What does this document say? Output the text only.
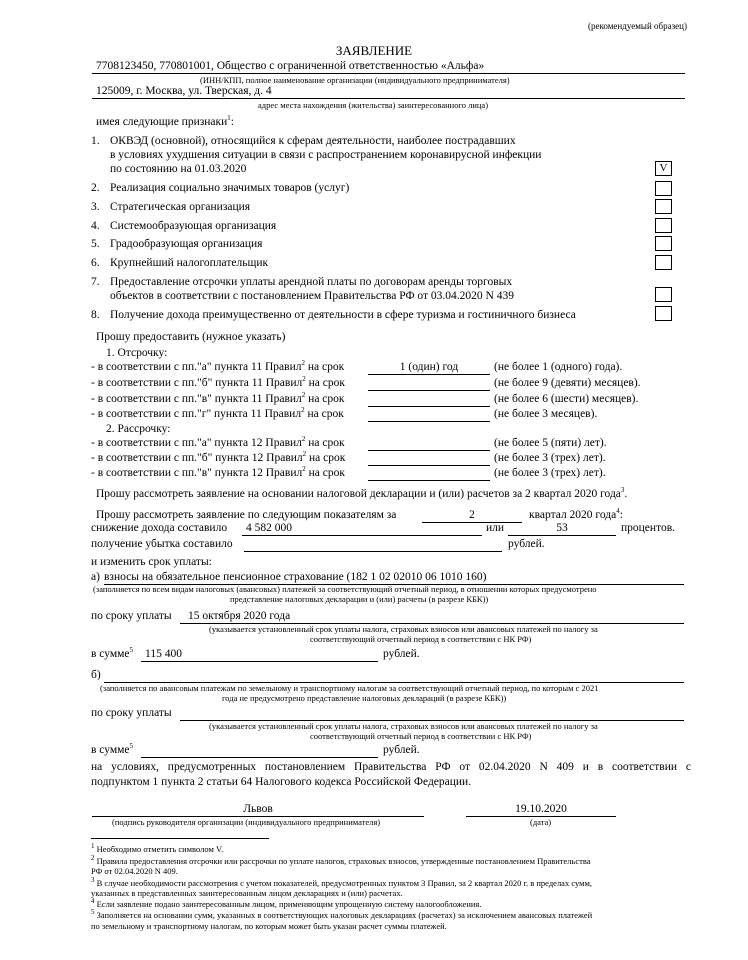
(рекомендуемый образец)
ЗАЯВЛЕНИЕ
7708123450, 770801001, Общество с ограниченной ответственностью «Альфа»
(ИНН/КПП, полное наименование организации (индивидуального предпринимателя)
125009, г. Москва, ул. Тверская, д. 4
адрес места нахождения (жительства) заинтересованного лица)
имея следующие признаки$^1$:
1. ОКВЭД (основной), относящийся к сферам деятельности, наиболее пострадавших
в условиях ухудшения ситуации в связи с распространением коронавирусной инфекции
по состоянию на 01.03.2020	V
2. Реализация социально значимых товаров (услуг)
3. Стратегическая организация
4. Системообразующая организация
5. Градообразующая организация
6. Крупнейший налогоплательщик
7. Предоставление отсрочки уплаты арендной платы по договорам аренды торговых
объектов в соответствии с постановлением Правительства РФ от 03.04.2020 N 439
8. Получение дохода преимущественно от деятельности в сфере туризма и гостиничного бизнеса
Прошу предоставить (нужное указать)
1. Отсрочку:
- в соответствии с пп."а" пункта 11 Правил$^2$ на срок	1 (один) год	(не более 1 (одного) года).
- в соответствии с пп."б" пункта 11 Правил$^2$ на срок	(не более 9 (девяти) месяцев).
- в соответствии с пп."в" пункта 11 Правил$^2$ на срок	(не более 6 (шести) месяцев).
- в соответствии с пп."г" пункта 11 Правил$^2$ на срок	(не более 3 месяцев).
2. Рассрочку:
- в соответствии с пп."а" пункта 12 Правил$^2$ на срок	(не более 5 (пяти) лет).
- в соответствии с пп."б" пункта 12 Правил$^2$ на срок	(не более 3 (трех) лет).
- в соответствии с пп."в" пункта 12 Правил$^2$ на срок	(не более 3 (трех) лет).
Прошу рассмотреть заявление на основании налоговой декларации и (или) расчетов за 2 квартал 2020 года$^3$.
Прошу рассмотреть заявление по следующим показателям за	2	квартал 2020 года$^4$:
снижение дохода составило	4 582 000	или	53	процентов.
получение убытка составило	рублей.
и изменить срок уплаты:
а) взносы на обязательное пенсионное страхование (182 1 02 02010 06 1010 160)
(заполняется по всем видам налоговых (авансовых) платежей за соответствующий отчетный период, в отношении которых предусмотрено
представление налоговых декларации и (или) расчеты (в разрезе КБК))
по сроку уплаты	15 октября 2020 года
(указывается установленный срок уплаты налога, страховых взносов или авансовых платежей по налогу за
соответствующий отчетный период в соответствии с НК РФ)
в сумме$^5$	115 400	рублей.
б)
(заполняется по авансовым платежам по земельному и транспортному налогам за соответствующий отчетный период, по которым с 2021
года не предусмотрено представление налоговых деклараций (в разрезе КБК))
по сроку уплаты
(указывается установленный срок уплаты налога, страховых взносов или авансовых платежей по налогу за
соответствующий отчетный период в соответствии с НК РФ)
в сумме$^5$	рублей.
на условиях, предусмотренных постановлением Правительства РФ от 02.04.2020 N 409 и в соответствии с
подпунктом 1 пункта 2 статьи 64 Налогового кодекса Российской Федерации.
Львов
(подпись руководителя организации (индивидуального предпринимателя)
19.10.2020
(дата)
$^1$ Необходимо отметить символом V.
$^2$ Правила предоставления отсрочки или рассрочки по уплате налогов, страховых взносов, утвержденные постановлением Правительства
РФ от 02.04.2020 N 409.
$^3$ В случае необходимости рассмотрения с учетом показателей, предусмотренных пунктом 3 Правил, за 2 квартал 2020 г. в пределах сумм,
указанных в представленных заинтересованным лицом декларациях и (или) расчетах.
$^4$ Если заявление подано заинтересованным лицом, применяющим упрощенную систему налогообложения.
$^5$ Заполняется на основании сумм, указанных в соответствующих налоговых декларациях (расчетах) за исключением авансовых платежей
по земельному и транспортному налогам, по которым может быть указан расчет суммы платежей.
